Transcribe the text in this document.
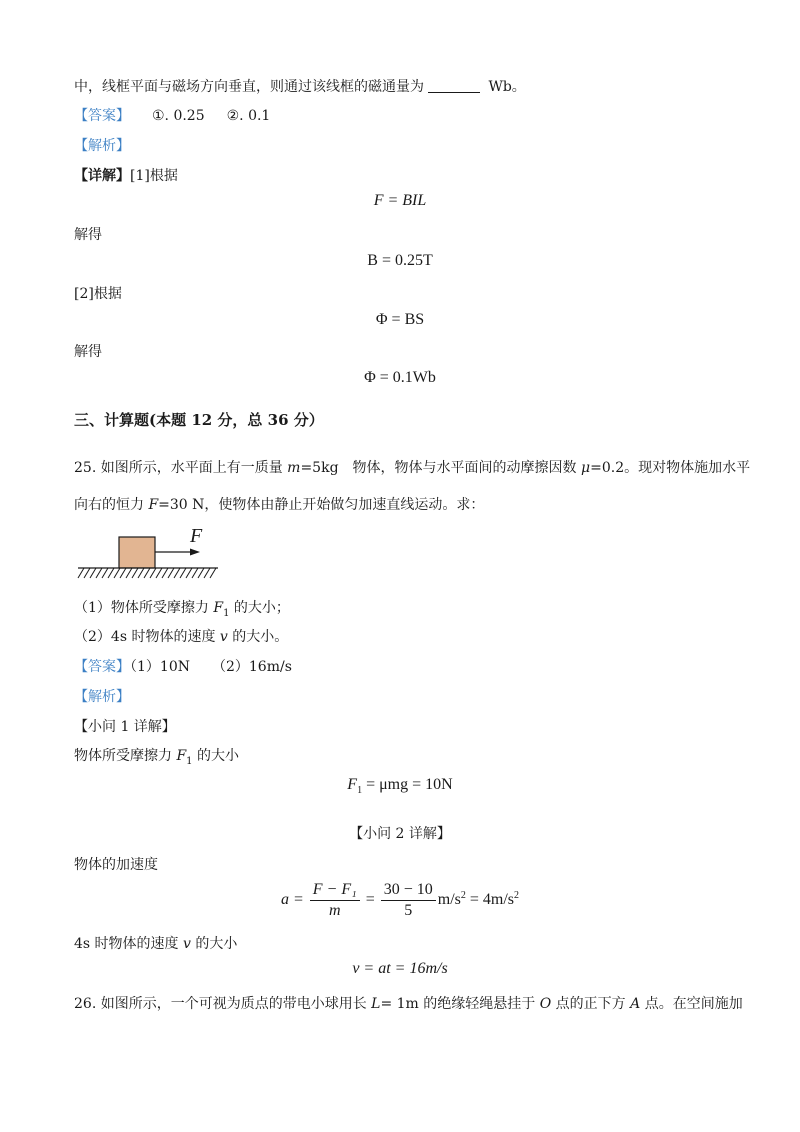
中，线框平面与磁场方向垂直，则通过该线框的磁通量为	Wb。
【答案】 ①. 0.25 ②. 0.1
【解析】
【详解】[1]根据
F = BIL
解得
B = 0.25T
[2]根据
Φ = BS
解得
Φ = 0.1Wb
三、计算题(本题 12 分，总 36 分）
25. 如图所示，水平面上有一质量 m=5kg　物体，物体与水平面间的动摩擦因数 μ=0.2。现对物体施加水平
向右的恒力 F=30 N，使物体由静止开始做匀加速直线运动。求：
F
（1）物体所受摩擦力 $F_1$ 的大小；
（2）4s 时物体的速度 v 的大小。
【答案】（1）10N （2）16m/s
【解析】
【小问 1 详解】
物体所受摩擦力 $F_1$ 的大小
$F_1 = \mu mg = 10N$
【小问 2 详解】
物体的加速度
$a = \frac{\text{F − F₁}}{m} = \frac{30 - 10}{5} m/s^2 = 4m/s^2$
4s 时物体的速度 v 的大小
v = at = 16m/s
26. 如图所示，一个可视为质点的带电小球用长 L= 1m 的绝缘轻绳悬挂于 O 点的正下方 A 点。在空间施加
